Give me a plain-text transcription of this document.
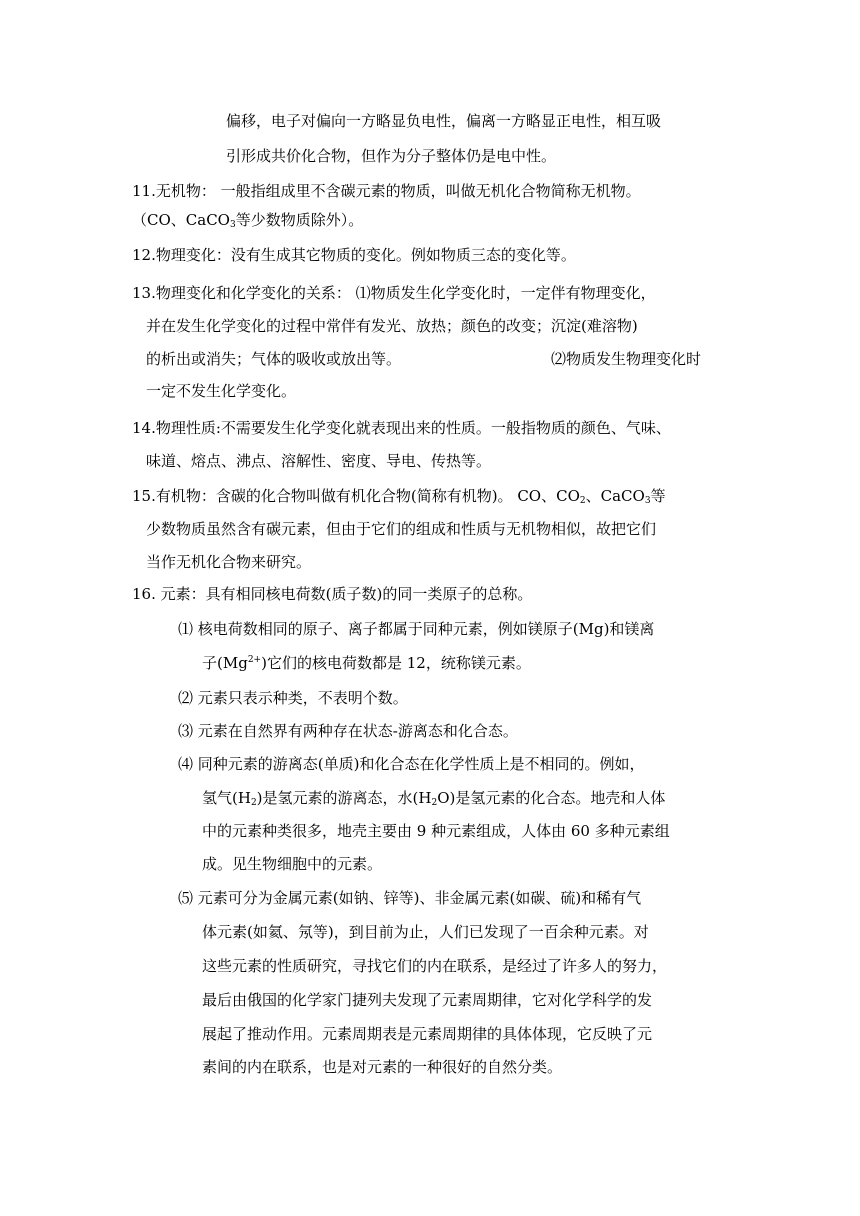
偏移，电子对偏向一方略显负电性，偏离一方略显正电性，相互吸
引形成共价化合物，但作为分子整体仍是电中性。
11.无机物： 一般指组成里不含碳元素的物质，叫做无机化合物简称无机物。
（CO、CaCO$_3$等少数物质除外）。
12.物理变化：没有生成其它物质的变化。例如物质三态的变化等。
13.物理变化和化学变化的关系： ⑴物质发生化学变化时，一定伴有物理变化，
并在发生化学变化的过程中常伴有发光、放热；颜色的改变；沉淀(难溶物)
的析出或消失；气体的吸收或放出等。	⑵物质发生物理变化时
一定不发生化学变化。
14.物理性质:不需要发生化学变化就表现出来的性质。一般指物质的颜色、气味、
味道、熔点、沸点、溶解性、密度、导电、传热等。
15.有机物：含碳的化合物叫做有机化合物(简称有机物)。 CO、$CO_2$、CaCO$_3$等
少数物质虽然含有碳元素，但由于它们的组成和性质与无机物相似，故把它们
当作无机化合物来研究。
16. 元素：具有相同核电荷数(质子数)的同一类原子的总称。
⑴ 核电荷数相同的原子、离子都属于同种元素，例如镁原子(Mg)和镁离
子$(Mg^{2+})$它们的核电荷数都是 12，统称镁元素。
⑵ 元素只表示种类，不表明个数。
⑶ 元素在自然界有两种存在状态-游离态和化合态。
⑷ 同种元素的游离态(单质)和化合态在化学性质上是不相同的。例如，
氢气$(H_2)$是氢元素的游离态，水$(H_2O)$是氢元素的化合态。地壳和人体
中的元素种类很多，地壳主要由 9 种元素组成，人体由 60 多种元素组
成。见生物细胞中的元素。
⑸ 元素可分为金属元素(如钠、锌等)、非金属元素(如碳、硫)和稀有气
体元素(如氦、氖等)，到目前为止，人们已发现了一百余种元素。对
这些元素的性质研究，寻找它们的内在联系，是经过了许多人的努力，
最后由俄国的化学家门捷列夫发现了元素周期律，它对化学科学的发
展起了推动作用。元素周期表是元素周期律的具体体现，它反映了元
素间的内在联系，也是对元素的一种很好的自然分类。
